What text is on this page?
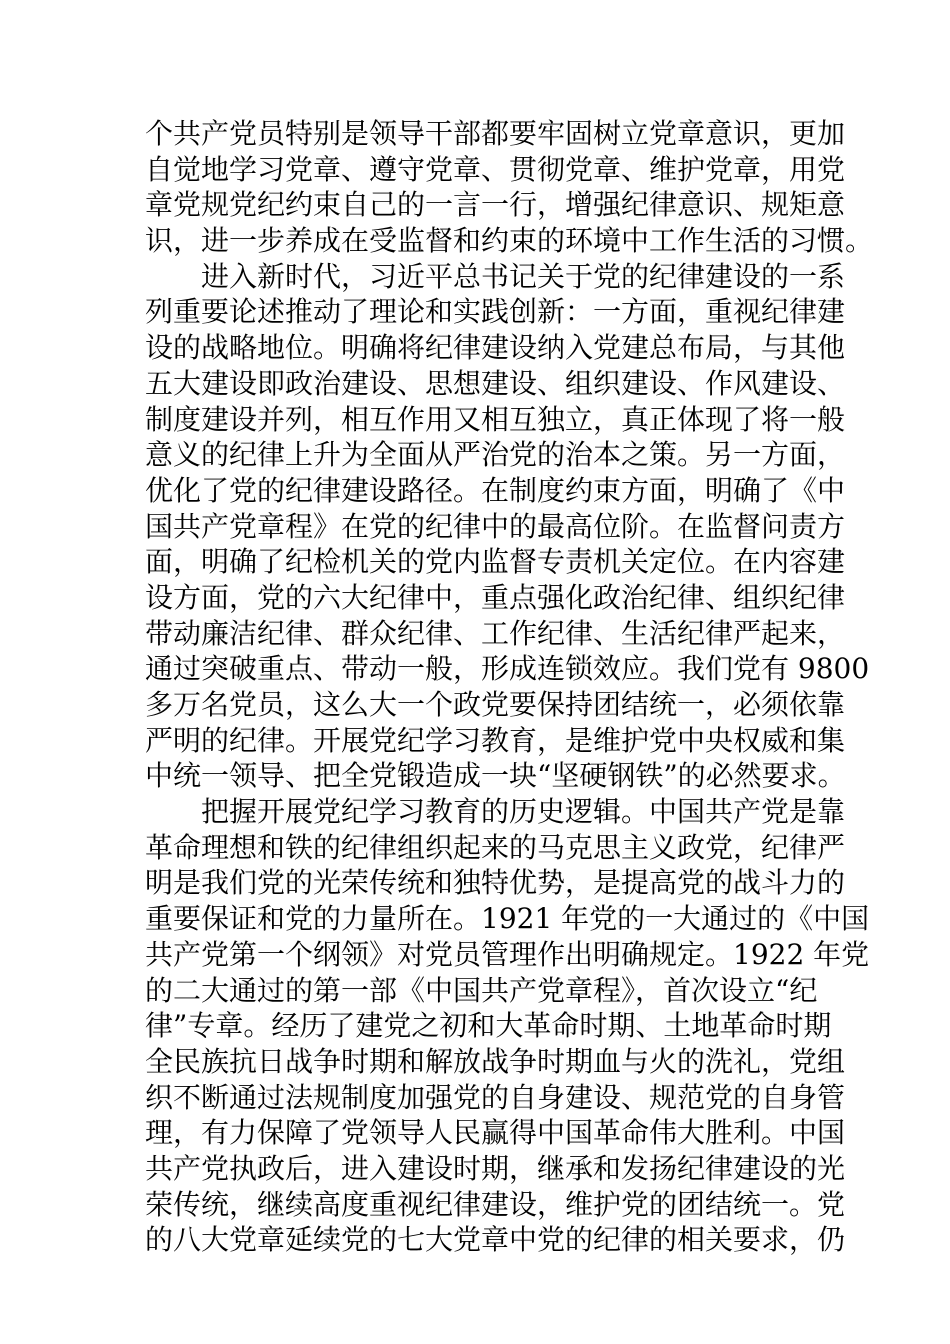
个共产党员特别是领导干部都要牢固树立党章意识，更加
自觉地学习党章、遵守党章、贯彻党章、维护党章，用党
章党规党纪约束自己的一言一行，增强纪律意识、规矩意
识，进一步养成在受监督和约束的环境中工作生活的习惯。
　　进入新时代，习近平总书记关于党的纪律建设的一系
列重要论述推动了理论和实践创新：一方面，重视纪律建
设的战略地位。明确将纪律建设纳入党建总布局，与其他
五大建设即政治建设、思想建设、组织建设、作风建设、
制度建设并列，相互作用又相互独立，真正体现了将一般
意义的纪律上升为全面从严治党的治本之策。另一方面，
优化了党的纪律建设路径。在制度约束方面，明确了《中
国共产党章程》在党的纪律中的最高位阶。在监督问责方
面，明确了纪检机关的党内监督专责机关定位。在内容建
设方面，党的六大纪律中，重点强化政治纪律、组织纪律
带动廉洁纪律、群众纪律、工作纪律、生活纪律严起来，
通过突破重点、带动一般，形成连锁效应。我们党有 9800
多万名党员，这么大一个政党要保持团结统一，必须依靠
严明的纪律。开展党纪学习教育，是维护党中央权威和集
中统一领导、把全党锻造成一块“坚硬钢铁”的必然要求。
　　把握开展党纪学习教育的历史逻辑。中国共产党是靠
革命理想和铁的纪律组织起来的马克思主义政党，纪律严
明是我们党的光荣传统和独特优势，是提高党的战斗力的
重要保证和党的力量所在。1921 年党的一大通过的《中国
共产党第一个纲领》对党员管理作出明确规定。1922 年党
的二大通过的第一部《中国共产党章程》，首次设立“纪
律”专章。经历了建党之初和大革命时期、土地革命时期
全民族抗日战争时期和解放战争时期血与火的洗礼，党组
织不断通过法规制度加强党的自身建设、规范党的自身管
理，有力保障了党领导人民赢得中国革命伟大胜利。中国
共产党执政后，进入建设时期，继承和发扬纪律建设的光
荣传统，继续高度重视纪律建设，维护党的团结统一。党
的八大党章延续党的七大党章中党的纪律的相关要求，仍
